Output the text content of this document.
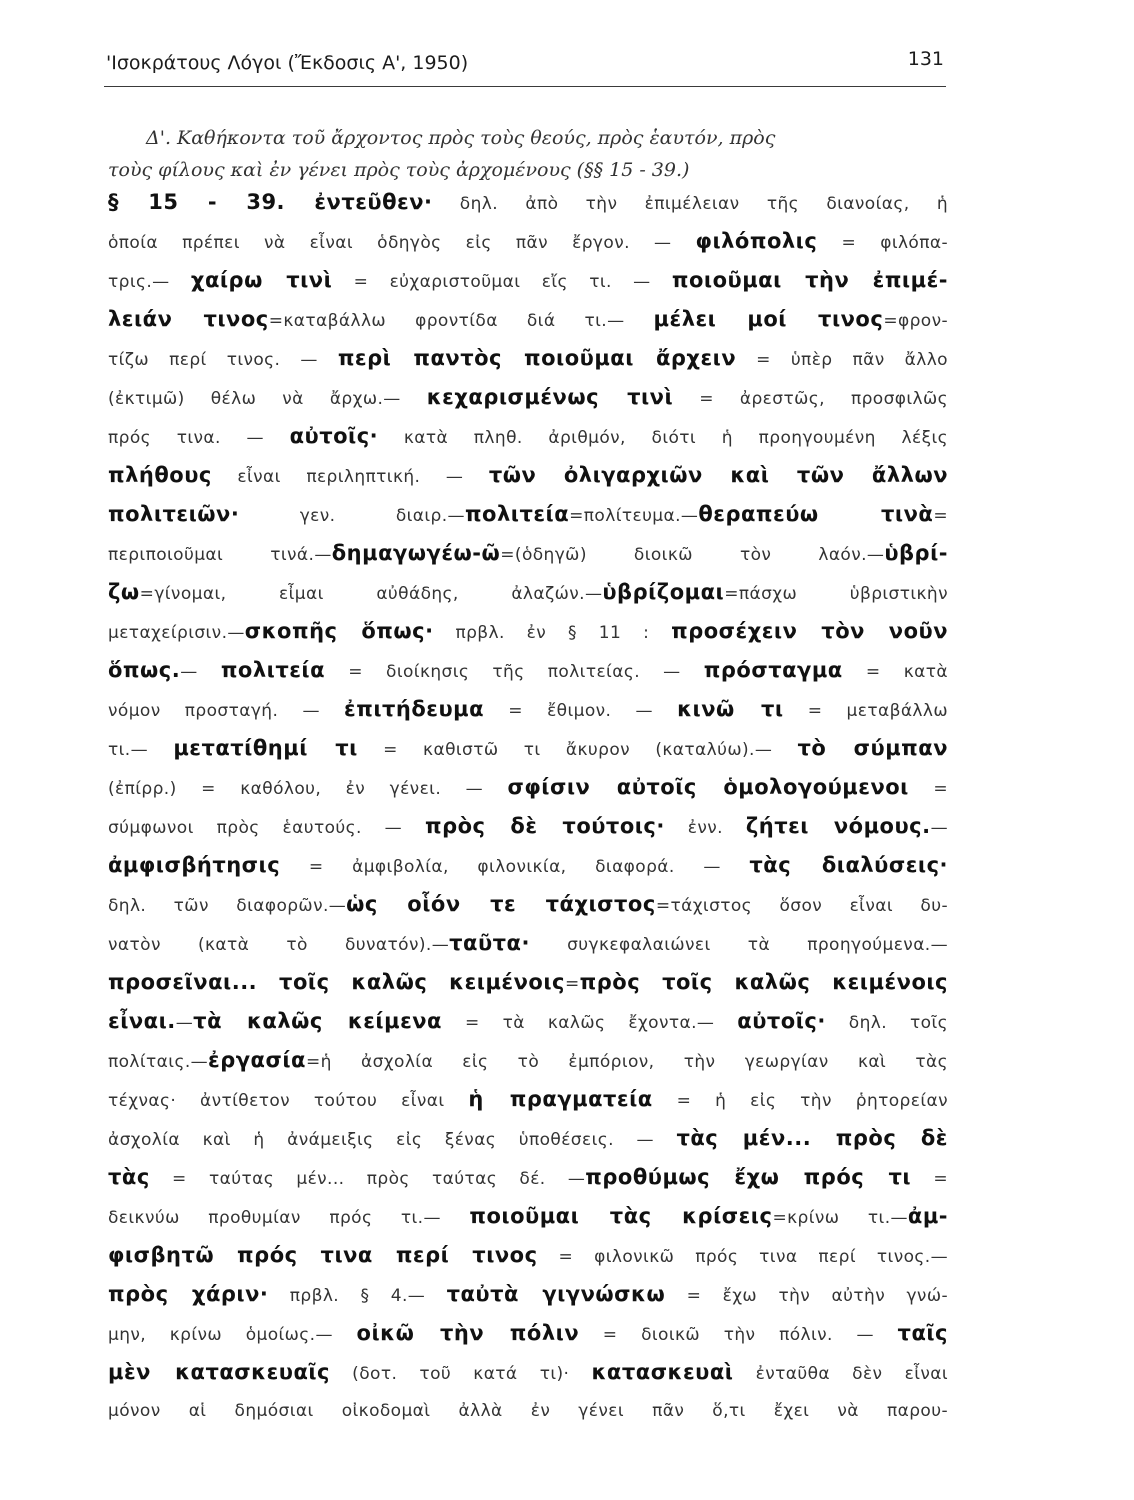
'Ισοκράτους Λόγοι (Ἔκδοσις Α', 1950)	131
Δ'. Καθήκοντα τοῦ ἄρχοντος πρὸς τοὺς θεούς, πρὸς ἑαυτόν, πρὸς
τοὺς φίλους καὶ ἐν γένει πρὸς τοὺς ἀρχομένους (§§ 15 - 39.)
§ 15 - 39. ἐντεῦθεν· δηλ. ἀπὸ τὴν ἐπιμέλειαν τῆς διανοίας, ἡ
ὁποία πρέπει νὰ εἶναι ὁδηγὸς εἰς πᾶν ἔργον. — φιλόπολις = φιλόπα-
τρις.— χαίρω τινὶ = εὐχαριστοῦμαι εἴς τι. — ποιοῦμαι τὴν ἐπιμέ-
λειάν τινος=καταβάλλω φροντίδα διά τι.— μέλει μοί τινος=φρον-
τίζω περί τινος. — περὶ παντὸς ποιοῦμαι ἄρχειν = ὑπὲρ πᾶν ἄλλο
(ἐκτιμῶ) θέλω νὰ ἄρχω.— κεχαρισμένως τινὶ = ἀρεστῶς, προσφιλῶς
πρός τινα. — αὐτοῖς· κατὰ πληθ. ἀριθμόν, διότι ἡ προηγουμένη λέξις
πλήθους εἶναι περιληπτική. — τῶν ὀλιγαρχιῶν καὶ τῶν ἄλλων
πολιτειῶν· γεν. διαιρ.—πολιτεία=πολίτευμα.—θεραπεύω τινὰ=
περιποιοῦμαι τινά.—δημαγωγέω-ῶ=(ὁδηγῶ) διοικῶ τὸν λαόν.—ὑβρί-
ζω=γίνομαι, εἶμαι αὐθάδης, ἀλαζών.—ὑβρίζομαι=πάσχω ὑβριστικὴν
μεταχείρισιν.—σκοπῆς ὅπως· πρβλ. ἐν § 11 : προσέχειν τὸν νοῦν
ὅπως.— πολιτεία = διοίκησις τῆς πολιτείας. — πρόσταγμα = κατὰ
νόμον προσταγή. — ἐπιτήδευμα = ἔθιμον. — κινῶ τι = μεταβάλλω
τι.— μετατίθημί τι = καθιστῶ τι ἄκυρον (καταλύω).— τὸ σύμπαν
(ἐπίρρ.) = καθόλου, ἐν γένει. — σφίσιν αὐτοῖς ὁμολογούμενοι =
σύμφωνοι πρὸς ἑαυτούς. — πρὸς δὲ τούτοις· ἐνν. ζήτει νόμους.—
ἀμφισβήτησις = ἀμφιβολία, φιλονικία, διαφορά. — τὰς διαλύσεις·
δηλ. τῶν διαφορῶν.—ὡς οἷόν τε τάχιστος=τάχιστος ὅσον εἶναι δυ-
νατὸν (κατὰ τὸ δυνατόν).—ταῦτα· συγκεφαλαιώνει τὰ προηγούμενα.—
προσεῖναι... τοῖς καλῶς κειμένοις=πρὸς τοῖς καλῶς κειμένοις
εἶναι.—τὰ καλῶς κείμενα = τὰ καλῶς ἔχοντα.— αὐτοῖς· δηλ. τοῖς
πολίταις.—ἐργασία=ἡ ἀσχολία εἰς τὸ ἐμπόριον, τὴν γεωργίαν καὶ τὰς
τέχνας· ἀντίθετον τούτου εἶναι ἡ πραγματεία = ἡ εἰς τὴν ῥητορείαν
ἀσχολία καὶ ἡ ἀνάμειξις εἰς ξένας ὑποθέσεις. — τὰς μέν... πρὸς δὲ
τὰς = ταύτας μέν... πρὸς ταύτας δέ. —προθύμως ἔχω πρός τι =
δεικνύω προθυμίαν πρός τι.— ποιοῦμαι τὰς κρίσεις=κρίνω τι.—ἀμ-
φισβητῶ πρός τινα περί τινος = φιλονικῶ πρός τινα περί τινος.—
πρὸς χάριν· πρβλ. § 4.— ταὐτὰ γιγνώσκω = ἔχω τὴν αὐτὴν γνώ-
μην, κρίνω ὁμοίως.— οἰκῶ τὴν πόλιν = διοικῶ τὴν πόλιν. — ταῖς
μὲν κατασκευαῖς (δοτ. τοῦ κατά τι)· κατασκευαὶ ἐνταῦθα δὲν εἶναι
μόνον αἱ δημόσιαι οἰκοδομαὶ ἀλλὰ ἐν γένει πᾶν ὅ,τι ἔχει νὰ παρου-
